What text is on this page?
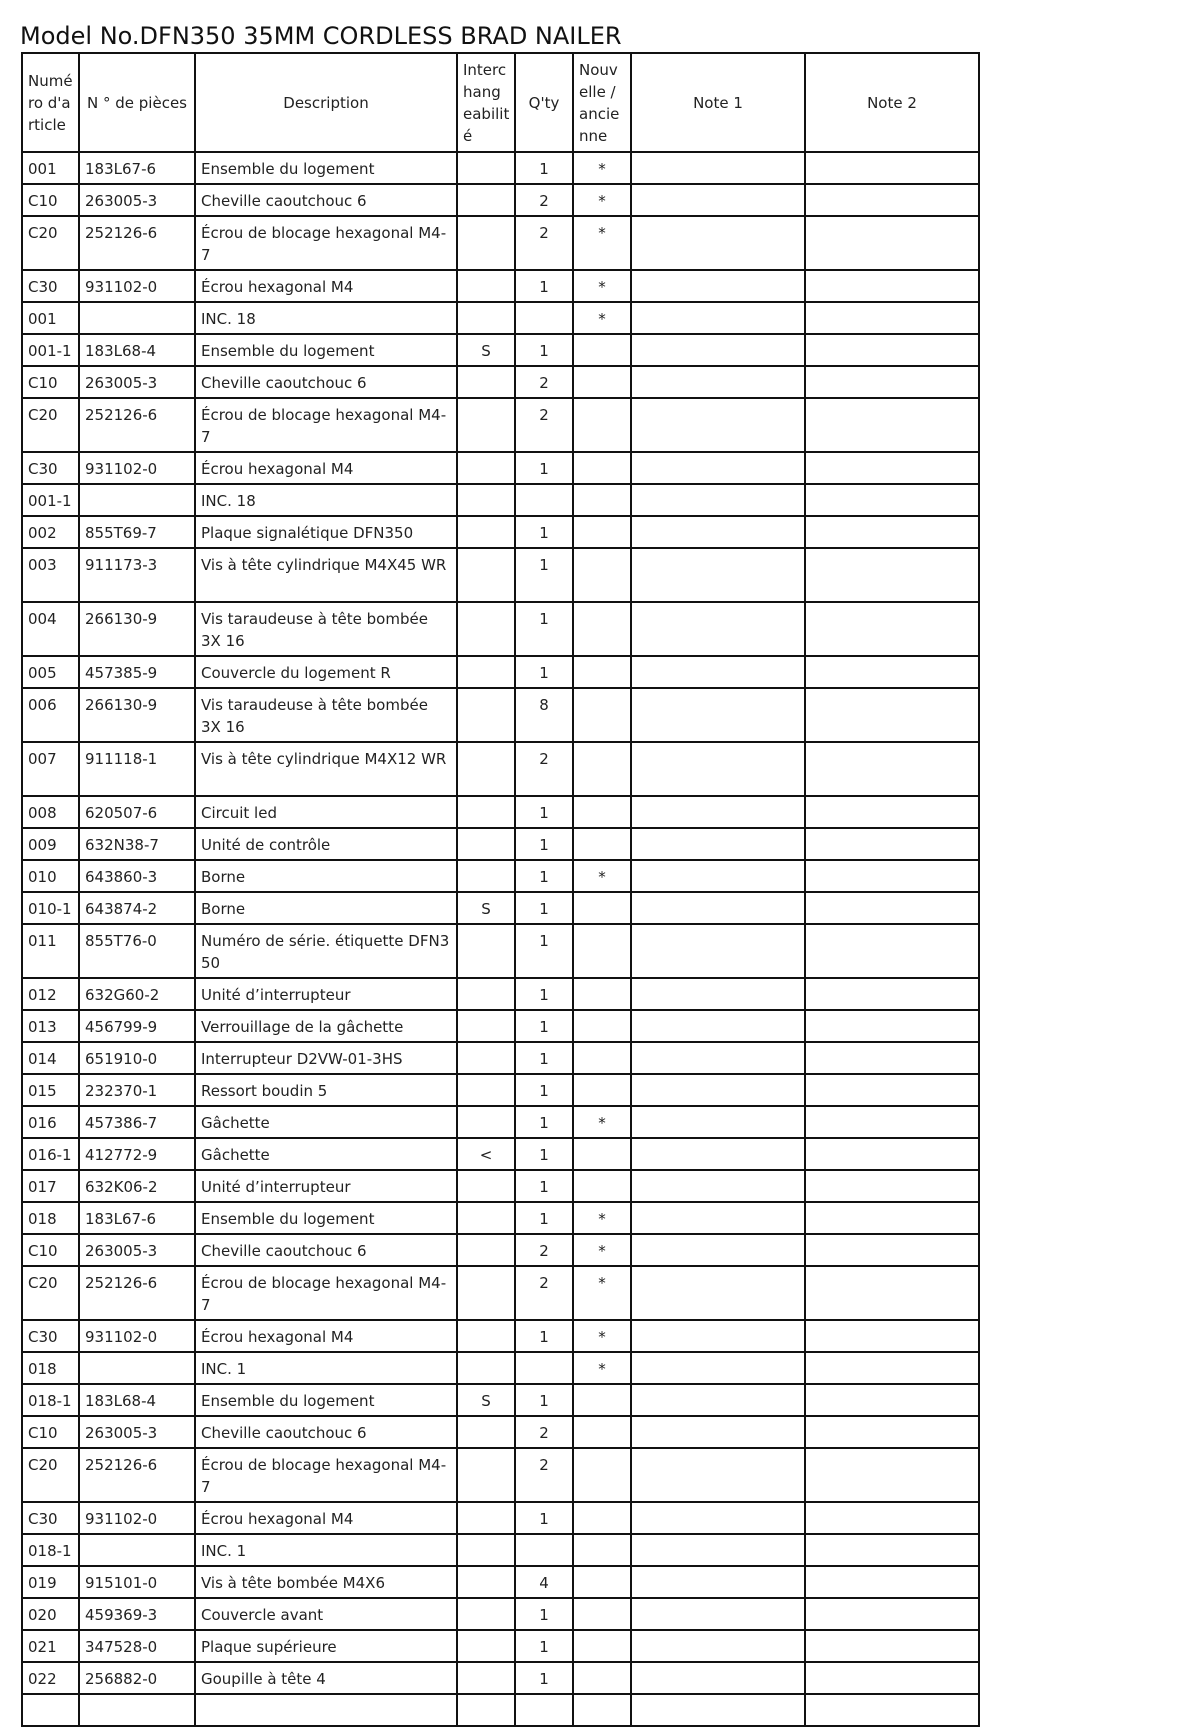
Model No.DFN350 35MM CORDLESS BRAD NAILER
Numé ro d'a rticle	N ° de pièces	Description	Interc hang eabilit é	Q'ty	Nouv elle / ancie nne	Note 1	Note 2
001	183L67-6	Ensemble du logement		1	*		
C10	263005-3	Cheville caoutchouc 6		2	*		
C20	252126-6	Écrou de blocage hexagonal M4-7		2	*		
C30	931102-0	Écrou hexagonal M4		1	*		
001		INC. 18			*		
001-1	183L68-4	Ensemble du logement	S	1			
C10	263005-3	Cheville caoutchouc 6		2			
C20	252126-6	Écrou de blocage hexagonal M4-7		2			
C30	931102-0	Écrou hexagonal M4		1			
001-1		INC. 18					
002	855T69-7	Plaque signalétique DFN350		1			
003	911173-3	Vis à tête cylindrique M4X45 WR		1			
004	266130-9	Vis taraudeuse à tête bombée 3X 16		1			
005	457385-9	Couvercle du logement R		1			
006	266130-9	Vis taraudeuse à tête bombée 3X 16		8			
007	911118-1	Vis à tête cylindrique M4X12 WR		2			
008	620507-6	Circuit led		1			
009	632N38-7	Unité de contrôle		1			
010	643860-3	Borne		1	*		
010-1	643874-2	Borne	S	1			
011	855T76-0	Numéro de série. étiquette DFN3 50		1			
012	632G60-2	Unité d’interrupteur		1			
013	456799-9	Verrouillage de la gâchette		1			
014	651910-0	Interrupteur D2VW-01-3HS		1			
015	232370-1	Ressort boudin 5		1			
016	457386-7	Gâchette		1	*		
016-1	412772-9	Gâchette	<	1			
017	632K06-2	Unité d’interrupteur		1			
018	183L67-6	Ensemble du logement		1	*		
C10	263005-3	Cheville caoutchouc 6		2	*		
C20	252126-6	Écrou de blocage hexagonal M4-7		2	*		
C30	931102-0	Écrou hexagonal M4		1	*		
018		INC. 1			*		
018-1	183L68-4	Ensemble du logement	S	1			
C10	263005-3	Cheville caoutchouc 6		2			
C20	252126-6	Écrou de blocage hexagonal M4-7		2			
C30	931102-0	Écrou hexagonal M4		1			
018-1		INC. 1					
019	915101-0	Vis à tête bombée M4X6		4			
020	459369-3	Couvercle avant		1			
021	347528-0	Plaque supérieure		1			
022	256882-0	Goupille à tête 4		1			
